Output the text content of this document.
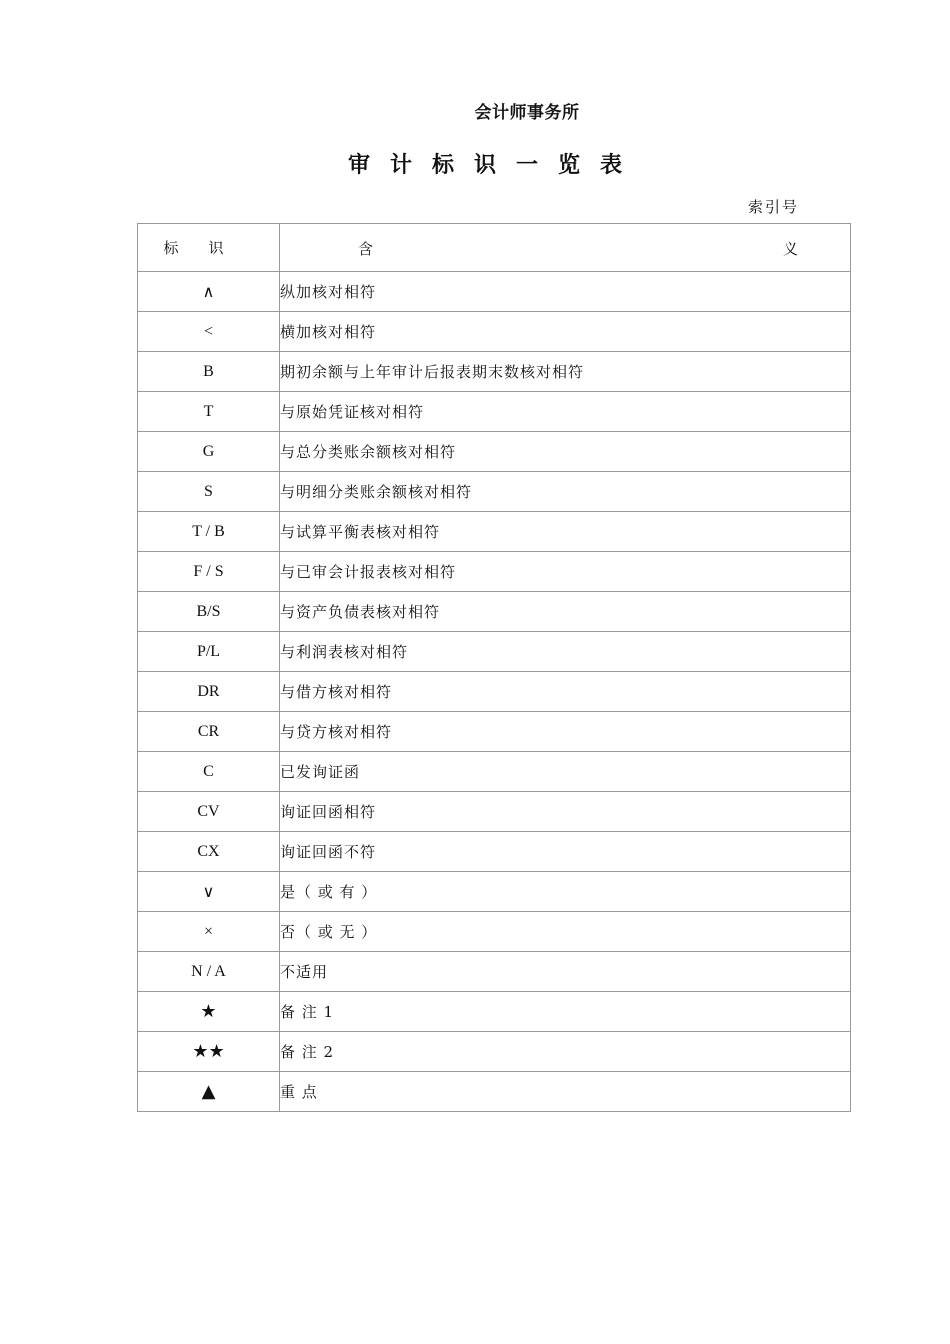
会计师事务所
审计标识一览表
索引号
标识	含 义

∧	纵加核对相符
<	横加核对相符
B	期初余额与上年审计后报表期末数核对相符
T	与原始凭证核对相符
G	与总分类账余额核对相符
S	与明细分类账余额核对相符
T / B	与试算平衡表核对相符
F / S	与已审会计报表核对相符
B/S	与资产负债表核对相符
P/L	与利润表核对相符
DR	与借方核对相符
CR	与贷方核对相符
C	已发询证函
CV	询证回函相符
CX	询证回函不符
∨	是（ 或 有 ）
×	否（ 或 无 ）
N / A	不适用
★	备 注 1
★★	备 注 2
▲	重 点
